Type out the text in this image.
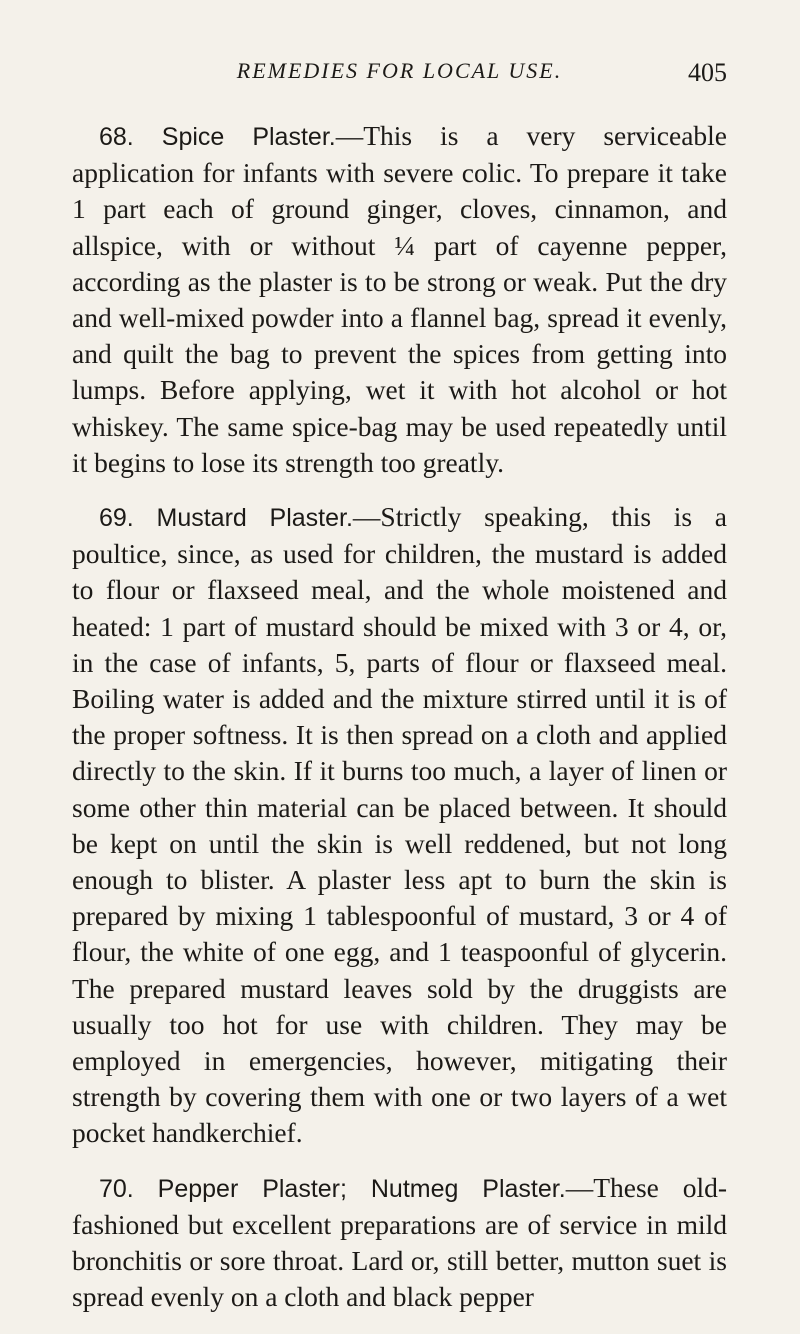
REMEDIES FOR LOCAL USE.	405

68. Spice Plaster.—This is a very serviceable application for infants with severe colic. To prepare it take 1 part each of ground ginger, cloves, cinnamon, and allspice, with or without ¼ part of cayenne pepper, according as the plaster is to be strong or weak. Put the dry and well-mixed powder into a flannel bag, spread it evenly, and quilt the bag to prevent the spices from getting into lumps. Before applying, wet it with hot alcohol or hot whiskey. The same spice-bag may be used repeatedly until it begins to lose its strength too greatly.

69. Mustard Plaster.—Strictly speaking, this is a poultice, since, as used for children, the mustard is added to flour or flaxseed meal, and the whole moistened and heated: 1 part of mustard should be mixed with 3 or 4, or, in the case of infants, 5, parts of flour or flaxseed meal. Boiling water is added and the mixture stirred until it is of the proper softness. It is then spread on a cloth and applied directly to the skin. If it burns too much, a layer of linen or some other thin material can be placed between. It should be kept on until the skin is well reddened, but not long enough to blister. A plaster less apt to burn the skin is prepared by mixing 1 tablespoonful of mustard, 3 or 4 of flour, the white of one egg, and 1 teaspoonful of glycerin. The prepared mustard leaves sold by the druggists are usually too hot for use with children. They may be employed in emergencies, however, mitigating their strength by covering them with one or two layers of a wet pocket handkerchief.

70. Pepper Plaster; Nutmeg Plaster.—These old-fashioned but excellent preparations are of service in mild bronchitis or sore throat. Lard or, still better, mutton suet is spread evenly on a cloth and black pepper
